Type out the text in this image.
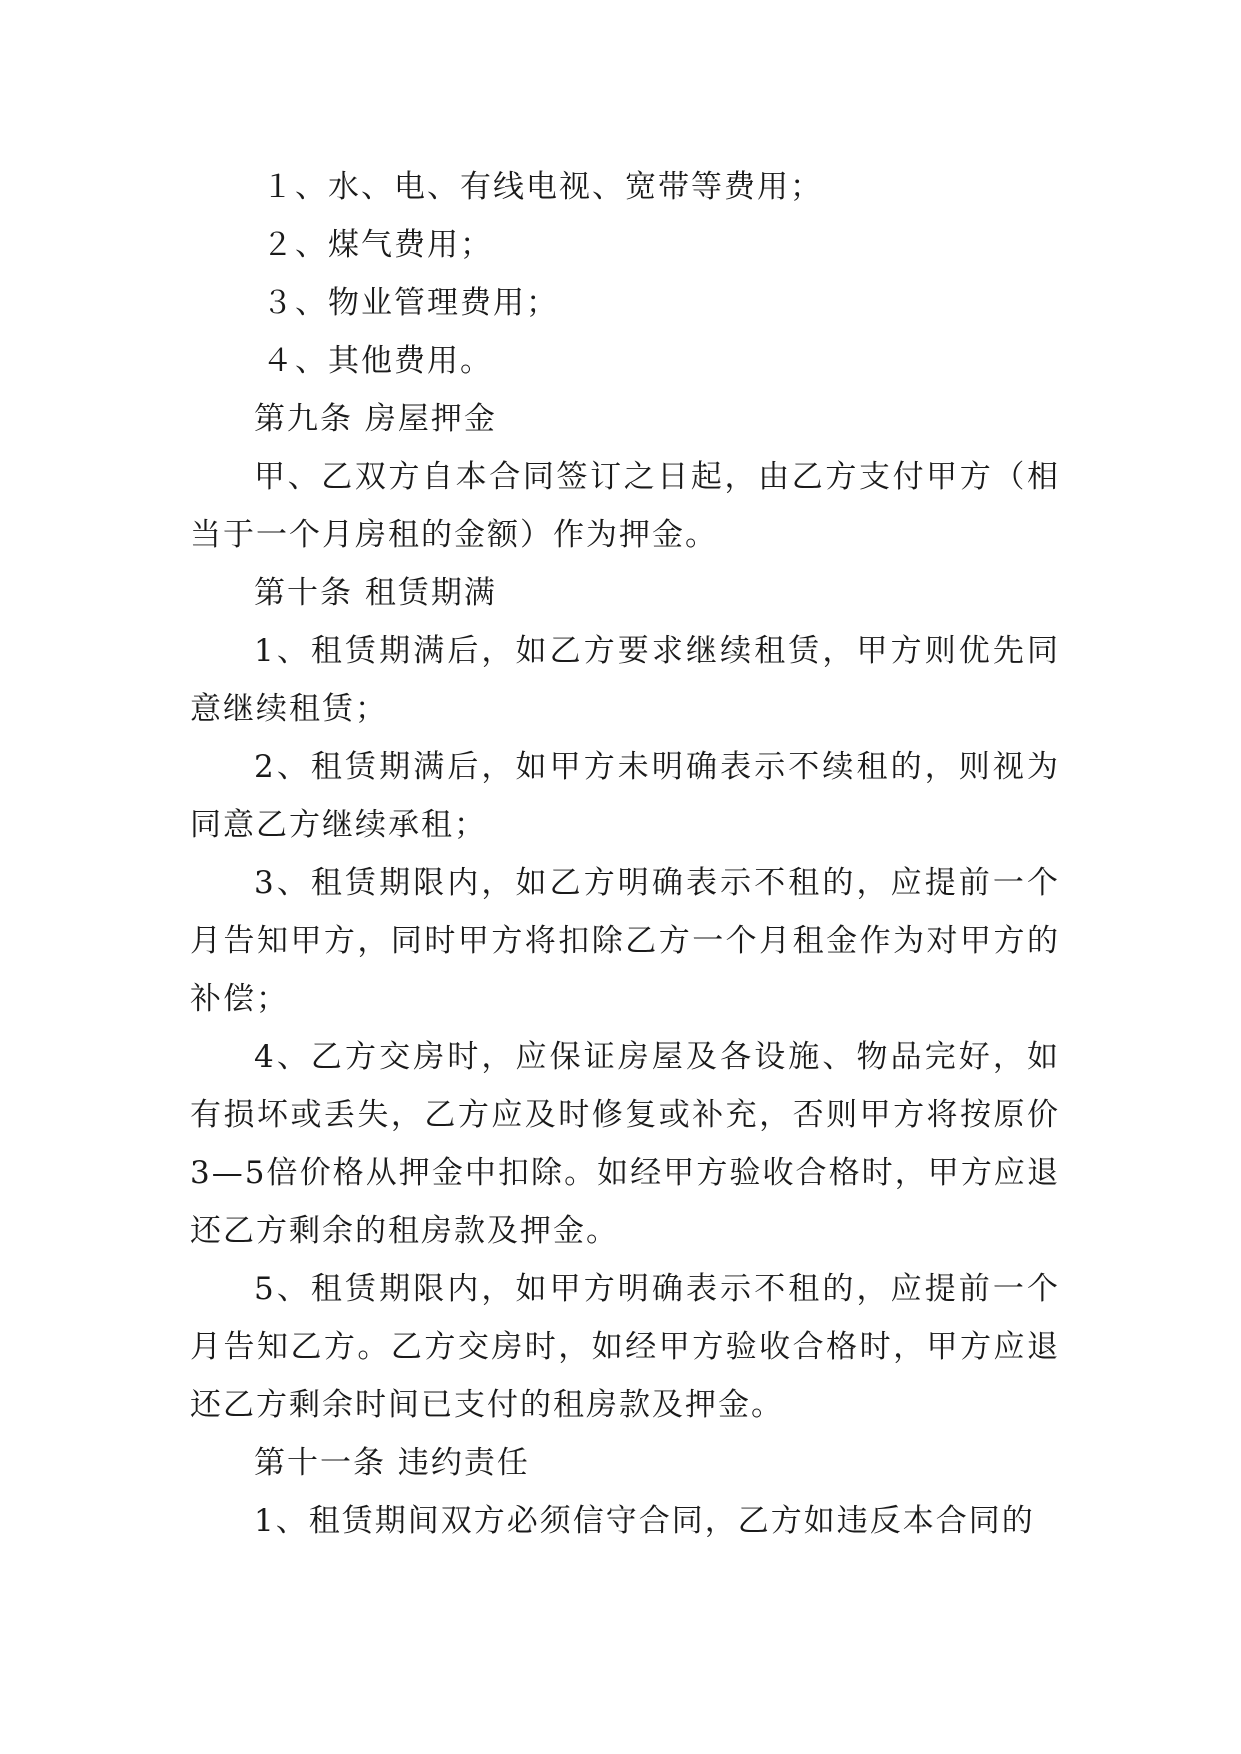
１、水、电、有线电视、宽带等费用；

２、煤气费用；

３、物业管理费用；

４、其他费用。

第九条 房屋押金

甲、乙双方自本合同签订之日起，由乙方支付甲方（相当于一个月房租的金额）作为押金。

第十条 租赁期满

1、租赁期满后，如乙方要求继续租赁，甲方则优先同意继续租赁；

2、租赁期满后，如甲方未明确表示不续租的，则视为同意乙方继续承租；

3、租赁期限内，如乙方明确表示不租的，应提前一个月告知甲方，同时甲方将扣除乙方一个月租金作为对甲方的补偿；

4、乙方交房时，应保证房屋及各设施、物品完好，如有损坏或丢失，乙方应及时修复或补充，否则甲方将按原价3—5倍价格从押金中扣除。如经甲方验收合格时，甲方应退还乙方剩余的租房款及押金。

5、租赁期限内，如甲方明确表示不租的，应提前一个月告知乙方。乙方交房时，如经甲方验收合格时，甲方应退还乙方剩余时间已支付的租房款及押金。

第十一条 违约责任

1、租赁期间双方必须信守合同，乙方如违反本合同的
